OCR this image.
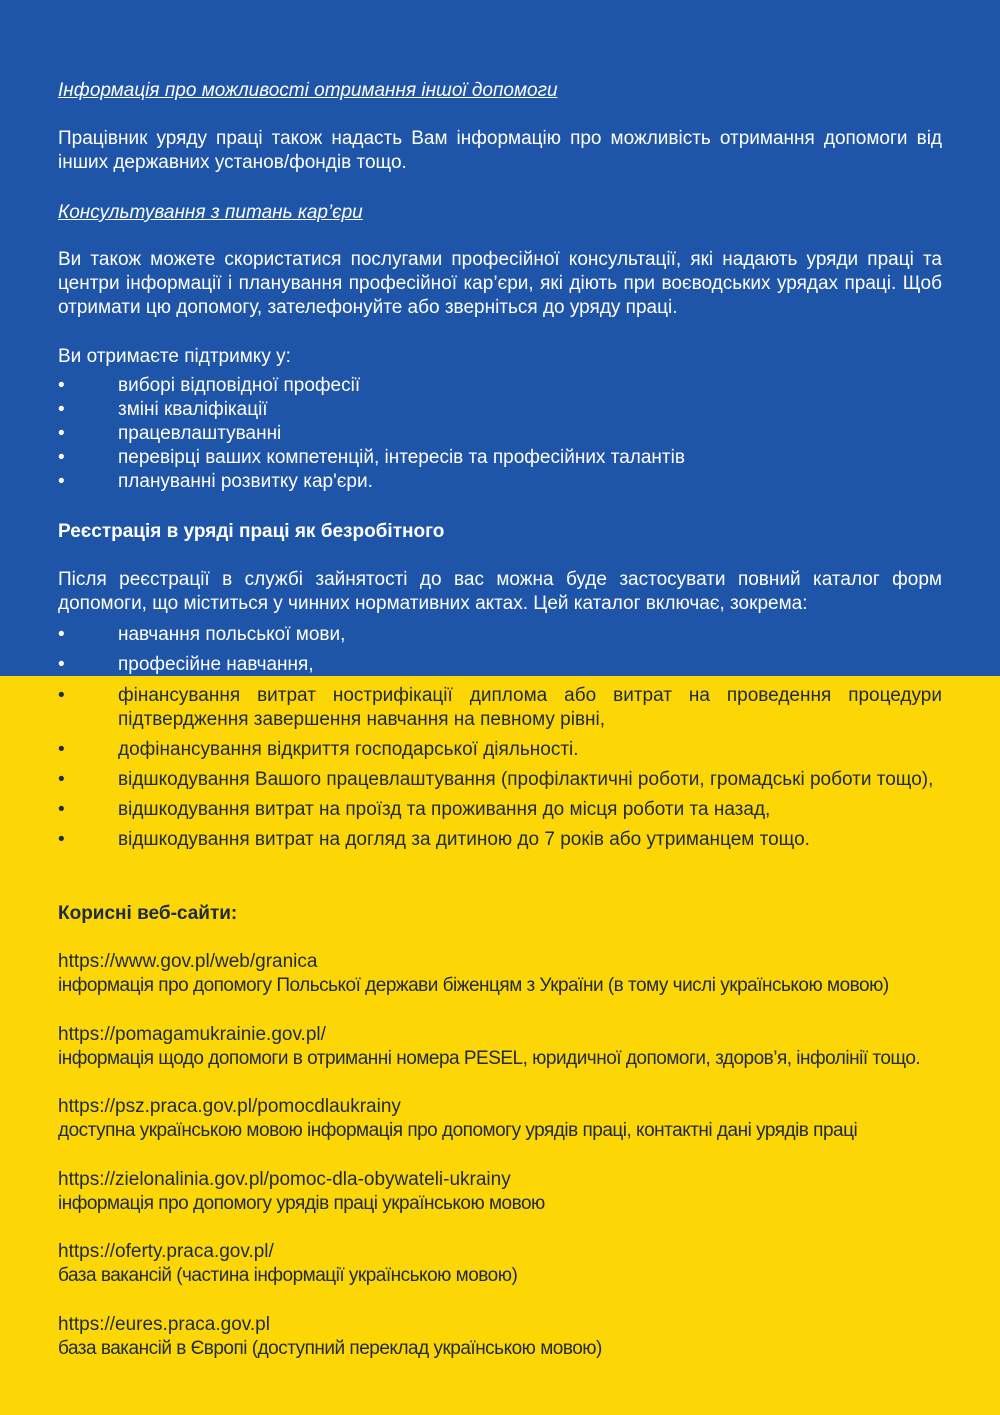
Інформація про можливості отримання іншої допомоги

Працівник уряду праці також надасть Вам інформацію про можливість отримання допомоги від інших державних установ/фондів тощо.

Консультування з питань кар’єри

Ви також можете скористатися послугами професійної консультації, які надають уряди праці та центри інформації і планування професійної кар’єри, які діють при воєводських урядах праці. Щоб отримати цю допомогу, зателефонуйте або зверніться до уряду праці.

Ви отримаєте підтримку у:

•	виборі відповідної професії
•	зміні кваліфікації
•	працевлаштуванні
•	перевірці ваших компетенцій, інтересів та професійних талантів
•	плануванні розвитку кар'єри.

Реєстрація в уряді праці як безробітного

Після реєстрації в службі зайнятості до вас можна буде застосувати повний каталог форм допомоги, що міститься у чинних нормативних актах. Цей каталог включає, зокрема:

•	навчання польської мови,
•	професійне навчання,
•	фінансування витрат нострифікації диплома або витрат на проведення процедури підтвердження завершення навчання на певному рівні,
•	дофінансування відкриття господарської діяльності.
•	відшкодування Вашого працевлаштування (профілактичні роботи, громадські роботи тощо),
•	відшкодування витрат на проїзд та проживання до місця роботи та назад,
•	відшкодування витрат на догляд за дитиною до 7 років або утриманцем тощо.

Корисні веб-сайти:

https://www.gov.pl/web/granica
інформація про допомогу Польської держави біженцям з України (в тому числі українською мовою)
https://pomagamukrainie.gov.pl/
інформація щодо допомоги в отриманні номера PESEL, юридичної допомоги, здоров’я, інфолінії тощо.
https://psz.praca.gov.pl/pomocdlaukrainy
доступна українською мовою інформація про допомогу урядів праці, контактні дані урядів праці
https://zielonalinia.gov.pl/pomoc-dla-obywateli-ukrainy
інформація про допомогу урядів праці українською мовою
https://oferty.praca.gov.pl/
база вакансій (частина інформації українською мовою)
https://eures.praca.gov.pl
база вакансій в Європі (доступний переклад українською мовою)
